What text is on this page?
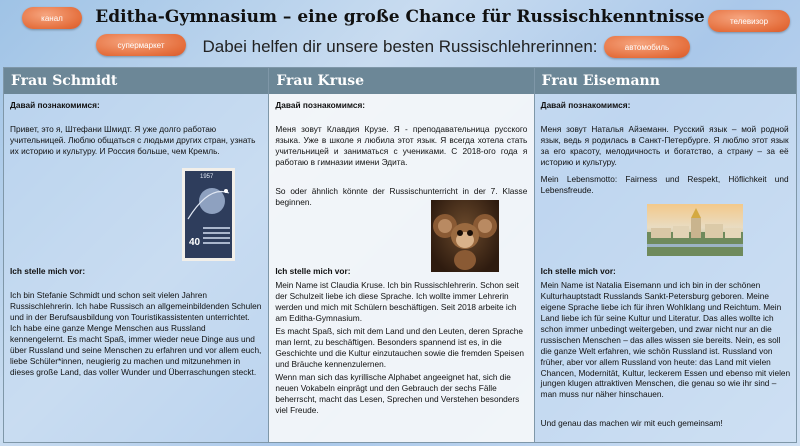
Editha-Gymnasium – eine große Chance für Russischkenntnisse
Dabei helfen dir unsere besten Russischlehrerinnen:
канал
супермаркет
телевизор
автомобиль
Frau Schmidt
Давай познакомимся:
Привет, это я, Штефани Шмидт. Я уже долго работаю учительницей. Люблю общаться с людьми других стран, узнать их историю и культуру. И Россия больше, чем Кремль.
40
1957
Ich stelle mich vor:
Ich bin Stefanie Schmidt und schon seit vielen Jahren Russischlehrerin. Ich habe Russisch an allgemeinbildenden Schulen und in der Berufsausbildung von Touristikassistenten unterrichtet. Ich habe eine ganze Menge Menschen aus Russland kennengelernt. Es macht Spaß, immer wieder neue Dinge aus und über Russland und seine Menschen zu erfahren und vor allem euch, liebe Schüler*innen, neugierig zu machen und mitzunehmen in dieses große Land, das voller Wunder und Überraschungen steckt.
Frau Kruse
Давай познакомимся:
Меня зовут Клавдия Крузе. Я - преподавательница русского языка. Уже в школе я любила этот язык. Я всегда хотела стать учительницей и заниматься с учениками. С 2018-ого года я работаю в гимназии имени Эдита.
So oder ähnlich könnte der Russischunterricht in der 7. Klasse beginnen.
Ich stelle mich vor:
Mein Name ist Claudia Kruse. Ich bin Russischlehrerin. Schon seit der Schulzeit liebe ich diese Sprache. Ich wollte immer Lehrerin werden und mich mit Schülern beschäftigen. Seit 2018 arbeite ich am Editha-Gymnasium.
Es macht Spaß, sich mit dem Land und den Leuten, deren Sprache man lernt, zu beschäftigen. Besonders spannend ist es, in die Geschichte und die Kultur einzutauchen sowie die fremden Speisen und Bräuche kennenzulernen.
Wenn man sich das kyrillische Alphabet angeeignet hat, sich die neuen Vokabeln einprägt und den Gebrauch der sechs Fälle beherrscht, macht das Lesen, Sprechen und Verstehen besonders viel Freude.
Frau Eisemann
Давай познакомимся:
Меня зовут Наталья Айземанн. Русский язык – мой родной язык, ведь я родилась в Санкт-Петербурге. Я люблю этот язык за его красоту, мелодичность и богатство, а страну – за её историю и культуру.
Mein Lebensmotto: Fairness und Respekt, Höflichkeit und Lebensfreude.
Ich stelle mich vor:
Mein Name ist Natalia Eisemann und ich bin in der schönen Kulturhauptstadt Russlands Sankt-Petersburg geboren. Meine eigene Sprache liebe ich für ihren Wohlklang und Reichtum. Mein Land liebe ich für seine Kultur und Literatur. Das alles wollte ich schon immer unbedingt weitergeben, und zwar nicht nur an die russischen Menschen – das alles wissen sie bereits. Nein, es soll die ganze Welt erfahren, wie schön Russland ist. Russland von früher, aber vor allem Russland von heute: das Land mit vielen Chancen, Modernität, Kultur, leckerem Essen und ebenso mit vielen jungen klugen attraktiven Menschen, die genau so wie ihr sind – man muss nur näher hinschauen.
Und genau das machen wir mit euch gemeinsam!
